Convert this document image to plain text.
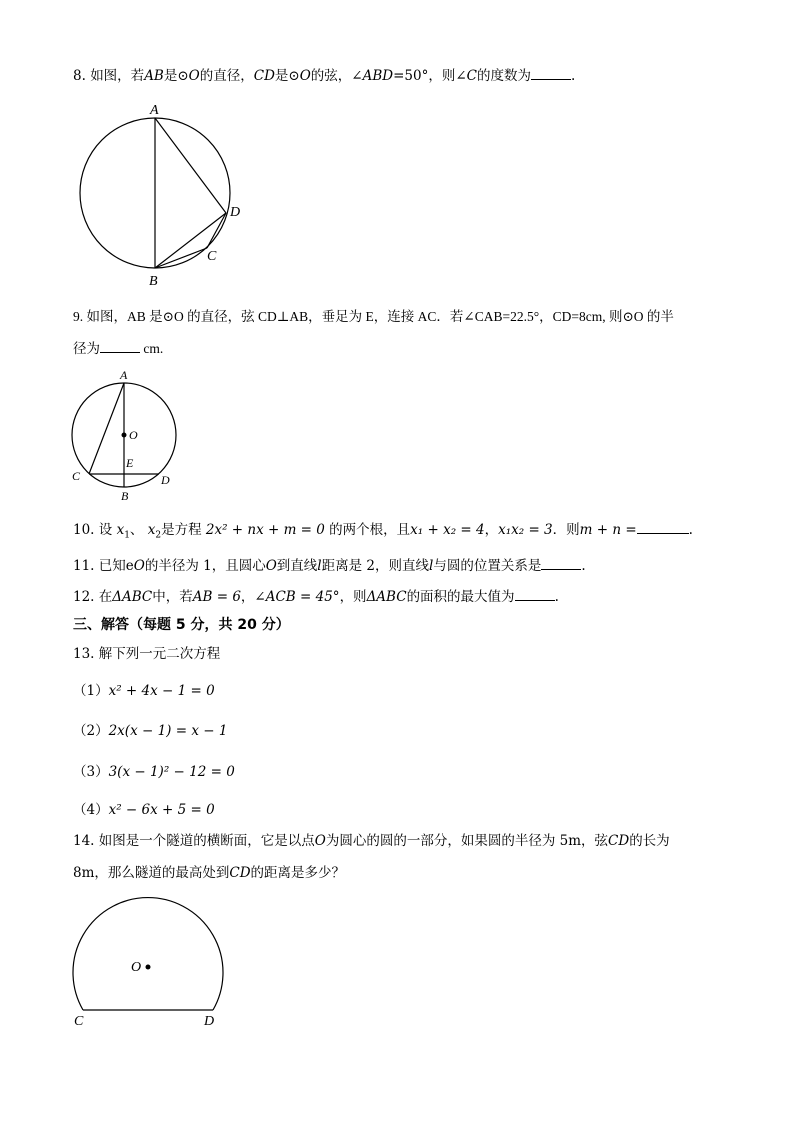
8. 如图，若AB是⊙O的直径，CD是⊙O的弦，∠ABD=50°，则∠C的度数为	.
A
D
C
B
9. 如图，AB 是⊙O 的直径，弦 CD⊥AB，垂足为 E，连接 AC．若∠CAB=22.5°，CD=8cm, 则⊙O 的半
径为	cm.
A
O
E
C	D
B
10. 设 $x_1$、 $x_2$是方程 2x² + nx + m = 0 的两个根，且x₁ + x₂ = 4，x₁x₂ = 3．则m + n =	.
11. 已知eO的半径为 1，且圆心O到直线l距离是 2，则直线l与圆的位置关系是	.
12. 在ΔABC中，若AB = 6，∠ACB = 45°，则ΔABC的面积的最大值为	.
三、解答（每题 5 分，共 20 分）
13. 解下列一元二次方程
（1）x² + 4x − 1 = 0
（2）2x(x − 1) = x − 1
（3）3(x − 1)² − 12 = 0
（4）x² − 6x + 5 = 0
14. 如图是一个隧道的横断面，它是以点O为圆心的圆的一部分，如果圆的半径为 5m，弦CD的长为
8m，那么隧道的最高处到CD的距离是多少？
O
C	D
